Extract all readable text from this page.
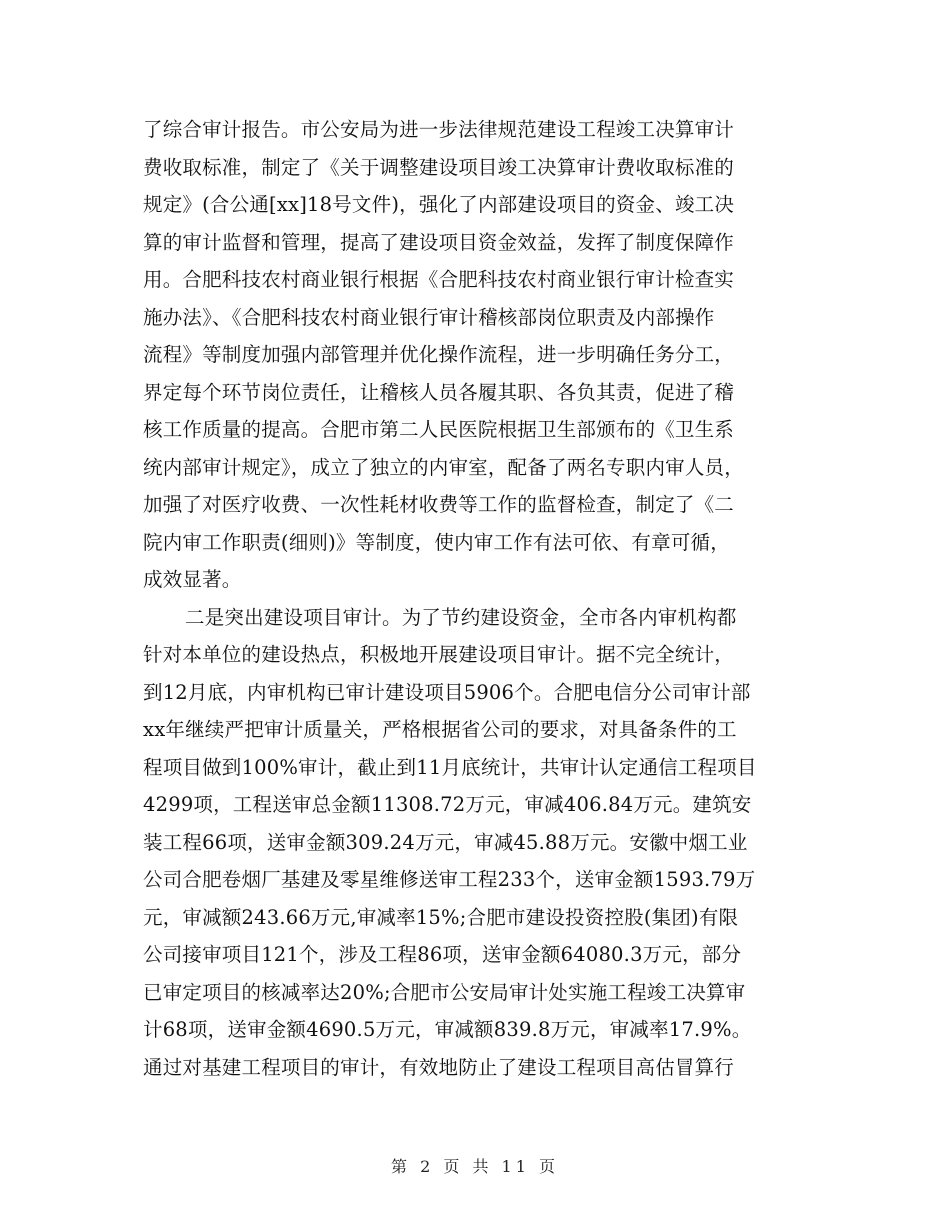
了综合审计报告。市公安局为进一步法律规范建设工程竣工决算审计
费收取标准，制定了《关于调整建设项目竣工决算审计费收取标准的
规定》(合公通[xx]18号文件)，强化了内部建设项目的资金、竣工决
算的审计监督和管理，提高了建设项目资金效益，发挥了制度保障作
用。合肥科技农村商业银行根据《合肥科技农村商业银行审计检查实
施办法》、《合肥科技农村商业银行审计稽核部岗位职责及内部操作
流程》等制度加强内部管理并优化操作流程，进一步明确任务分工，
界定每个环节岗位责任，让稽核人员各履其职、各负其责，促进了稽
核工作质量的提高。合肥市第二人民医院根据卫生部颁布的《卫生系
统内部审计规定》，成立了独立的内审室，配备了两名专职内审人员，
加强了对医疗收费、一次性耗材收费等工作的监督检查，制定了《二
院内审工作职责(细则)》等制度，使内审工作有法可依、有章可循，
成效显著。
二是突出建设项目审计。为了节约建设资金，全市各内审机构都
针对本单位的建设热点，积极地开展建设项目审计。据不完全统计，
到12月底，内审机构已审计建设项目5906个。合肥电信分公司审计部
xx年继续严把审计质量关，严格根据省公司的要求，对具备条件的工
程项目做到100%审计，截止到11月底统计，共审计认定通信工程项目
4299项，工程送审总金额11308.72万元，审减406.84万元。建筑安
装工程66项，送审金额309.24万元，审减45.88万元。安徽中烟工业
公司合肥卷烟厂基建及零星维修送审工程233个，送审金额1593.79万
元，审减额243.66万元,审减率15%;合肥市建设投资控股(集团)有限
公司接审项目121个，涉及工程86项，送审金额64080.3万元，部分
已审定项目的核减率达20%;合肥市公安局审计处实施工程竣工决算审
计68项，送审金额4690.5万元，审减额839.8万元，审减率17.9%。
通过对基建工程项目的审计，有效地防止了建设工程项目高估冒算行
第 2 页 共 11 页
